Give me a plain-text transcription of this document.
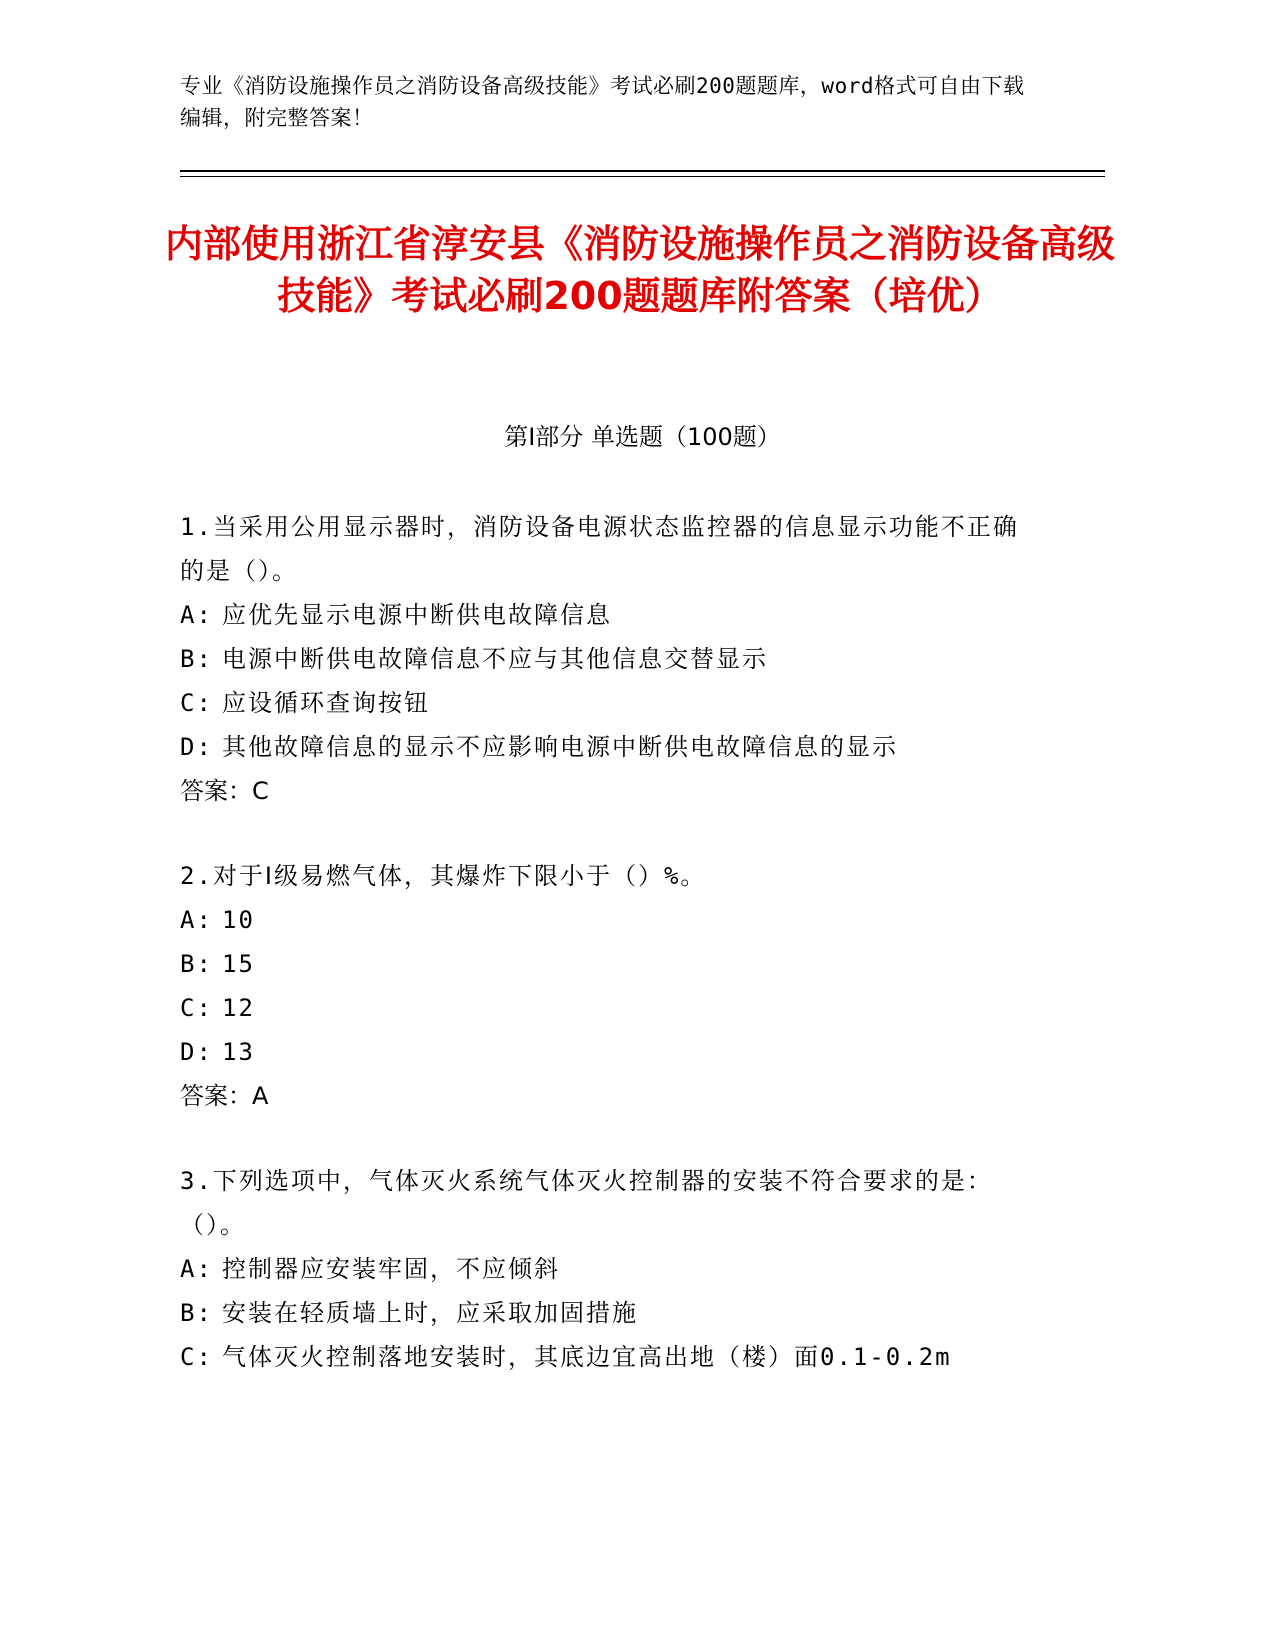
专业《消防设施操作员之消防设备高级技能》考试必刷200题题库，word格式可自由下载编辑，附完整答案！
内部使用浙江省淳安县《消防设施操作员之消防设备高级技能》考试必刷200题题库附答案（培优）
第Ⅰ部分 单选题（100题）
1.当采用公用显示器时，消防设备电源状态监控器的信息显示功能不正确的是（）。
A: 应优先显示电源中断供电故障信息
B: 电源中断供电故障信息不应与其他信息交替显示
C: 应设循环查询按钮
D: 其他故障信息的显示不应影响电源中断供电故障信息的显示
答案：C
2.对于Ⅰ级易燃气体，其爆炸下限小于（）%。
A: 10
B: 15
C: 12
D: 13
答案：A
3.下列选项中，气体灭火系统气体灭火控制器的安装不符合要求的是：（）。
A: 控制器应安装牢固，不应倾斜
B: 安装在轻质墙上时，应采取加固措施
C: 气体灭火控制落地安装时，其底边宜高出地（楼）面0.1-0.2m
